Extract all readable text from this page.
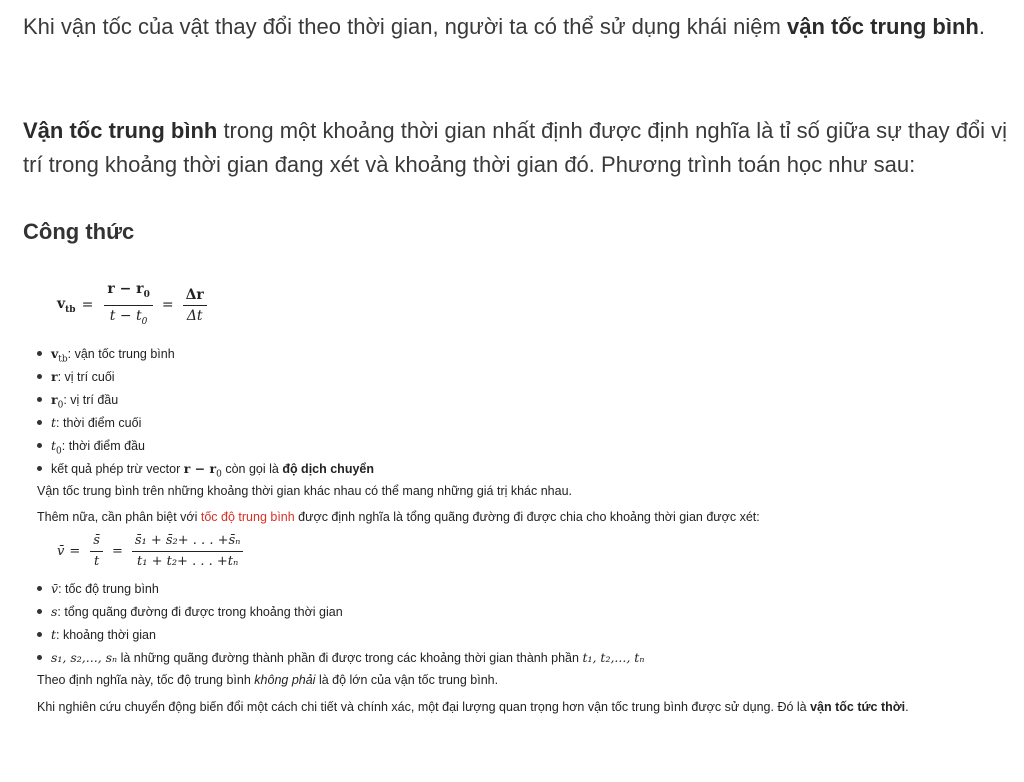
Khi vận tốc của vật thay đổi theo thời gian, người ta có thể sử dụng khái niệm vận tốc trung bình.

Vận tốc trung bình trong một khoảng thời gian nhất định được định nghĩa là tỉ số giữa sự thay đổi vị trí trong khoảng thời gian đang xét và khoảng thời gian đó. Phương trình toán học như sau:

Công thức
$v_{tb} = \frac{r - r_0}{t - t_0} = \frac{\Delta r}{\Delta t}$
$v_{tb}$: vận tốc trung bình
r: vị trí cuối
$r_0$: vị trí đầu
t: thời điểm cuối
$t_0$: thời điểm đầu
kết quả phép trừ vector $r - r_0$ còn gọi là độ dịch chuyển

Vận tốc trung bình trên những khoảng thời gian khác nhau có thể mang những giá trị khác nhau.

Thêm nữa, cần phân biệt với tốc độ trung bình được định nghĩa là tổng quãng đường đi được chia cho khoảng thời gian được xét:

v̄ = $\frac{s̄}{t} = \frac{\text{s̄₁ + s̄₂+ . . . +s̄ₙ}}{\text{t₁ + t₂+ . . . +tₙ}}$
v̄: tốc độ trung bình
s: tổng quãng đường đi được trong khoảng thời gian
t: khoảng thời gian
s₁, s₂,..., sₙ là những quãng đường thành phần đi được trong các khoảng thời gian thành phần t₁, t₂,..., tₙ

Theo định nghĩa này, tốc độ trung bình không phải là độ lớn của vận tốc trung bình.

Khi nghiên cứu chuyển động biến đổi một cách chi tiết và chính xác, một đại lượng quan trọng hơn vận tốc trung bình được sử dụng. Đó là vận tốc tức thời.
